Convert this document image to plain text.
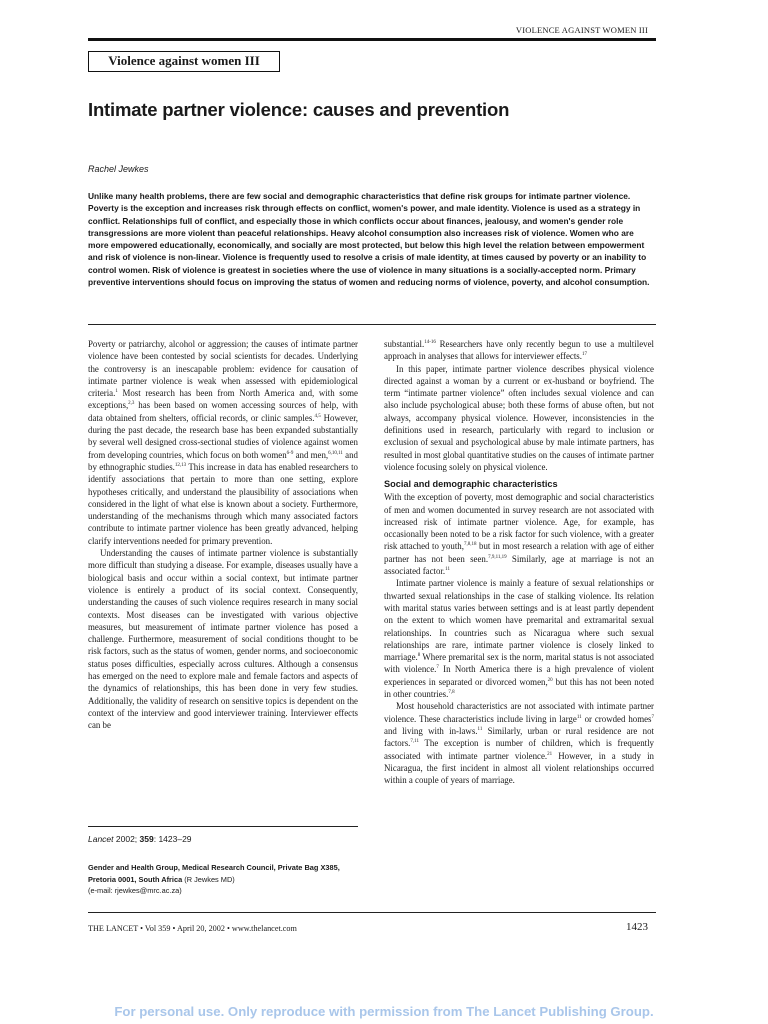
VIOLENCE AGAINST WOMEN III
Violence against women III
Intimate partner violence: causes and prevention
Rachel Jewkes

Unlike many health problems, there are few social and demographic characteristics that define risk groups for intimate partner violence. Poverty is the exception and increases risk through effects on conflict, women's power, and male identity. Violence is used as a strategy in conflict. Relationships full of conflict, and especially those in which conflicts occur about finances, jealousy, and women's gender role transgressions are more violent than peaceful relationships. Heavy alcohol consumption also increases risk of violence. Women who are more empowered educationally, economically, and socially are most protected, but below this high level the relation between empowerment and risk of violence is non-linear. Violence is frequently used to resolve a crisis of male identity, at times caused by poverty or an inability to control women. Risk of violence is greatest in societies where the use of violence in many situations is a socially-accepted norm. Primary preventive interventions should focus on improving the status of women and reducing norms of violence, poverty, and alcohol consumption.

Poverty or patriarchy, alcohol or aggression; the causes of intimate partner violence have been contested by social scientists for decades. Underlying the controversy is an inescapable problem: evidence for causation of intimate partner violence is weak when assessed with epidemiological criteria.$^1$ Most research has been from North America and, with some exceptions,$^{2,3}$ has been based on women accessing sources of help, with data obtained from shelters, official records, or clinic samples.$^{4,5}$ However, during the past decade, the research base has been expanded substantially by several well designed cross-sectional studies of violence against women from developing countries, which focus on both women$^{6-9}$ and men,$^{6,10,11}$ and by ethnographic studies.$^{12,13}$ This increase in data has enabled researchers to identify associations that pertain to more than one setting, explore hypotheses critically, and understand the plausibility of associations when considered in the light of what else is known about a society. Furthermore, understanding of the mechanisms through which many associated factors contribute to intimate partner violence has been greatly advanced, helping clarify interventions needed for primary prevention.

Understanding the causes of intimate partner violence is substantially more difficult than studying a disease. For example, diseases usually have a biological basis and occur within a social context, but intimate partner violence is entirely a product of its social context. Consequently, understanding the causes of such violence requires research in many social contexts. Most diseases can be investigated with various objective measures, but measurement of intimate partner violence has posed a challenge. Furthermore, measurement of social conditions thought to be risk factors, such as the status of women, gender norms, and socioeconomic status poses difficulties, especially across cultures. Although a consensus has emerged on the need to explore male and female factors and aspects of the dynamics of relationships, this has been done in very few studies. Additionally, the validity of research on sensitive topics is dependent on the context of the interview and good interviewer training. Interviewer effects can be

substantial.$^{14-16}$ Researchers have only recently begun to use a multilevel approach in analyses that allows for interviewer effects.$^{17}$

In this paper, intimate partner violence describes physical violence directed against a woman by a current or ex-husband or boyfriend. The term “intimate partner violence” often includes sexual violence and can also include psychological abuse; both these forms of abuse often, but not always, accompany physical violence. However, inconsistencies in the definitions used in research, particularly with regard to inclusion or exclusion of sexual and psychological abuse by male intimate partners, has resulted in most global quantitative studies on the causes of intimate partner violence focusing solely on physical violence.

Social and demographic characteristics

With the exception of poverty, most demographic and social characteristics of men and women documented in survey research are not associated with increased risk of intimate partner violence. Age, for example, has occasionally been noted to be a risk factor for such violence, with a greater risk attached to youth,$^{7,8,18}$ but in most research a relation with age of either partner has not been seen.$^{7,9,11,19}$ Similarly, age at marriage is not an associated factor.$^{11}$

Intimate partner violence is mainly a feature of sexual relationships or thwarted sexual relationships in the case of stalking violence. Its relation with marital status varies between settings and is at least partly dependent on the extent to which women have premarital and extramarital sexual relationships. In countries such as Nicaragua where such sexual relationships are rare, intimate partner violence is closely linked to marriage.$^8$ Where premarital sex is the norm, marital status is not associated with violence.$^7$ In North America there is a high prevalence of violent experiences in separated or divorced women,$^{20}$ but this has not been noted in other countries.$^{7,8}$

Most household characteristics are not associated with intimate partner violence. These characteristics include living in large$^{11}$ or crowded homes$^7$ and living with in-laws.$^{11}$ Similarly, urban or rural residence are not factors.$^{7,11}$ The exception is number of children, which is frequently associated with intimate partner violence.$^{21}$ However, in a study in Nicaragua, the first incident in almost all violent relationships occurred within a couple of years of marriage.

Lancet 2002; 359: 1423–29
Gender and Health Group, Medical Research Council, Private Bag X385, Pretoria 0001, South Africa (R Jewkes MD)
(e-mail: rjewkes@mrc.ac.za)
THE LANCET • Vol 359 • April 20, 2002 • www.thelancet.com	1423
For personal use. Only reproduce with permission from The Lancet Publishing Group.
